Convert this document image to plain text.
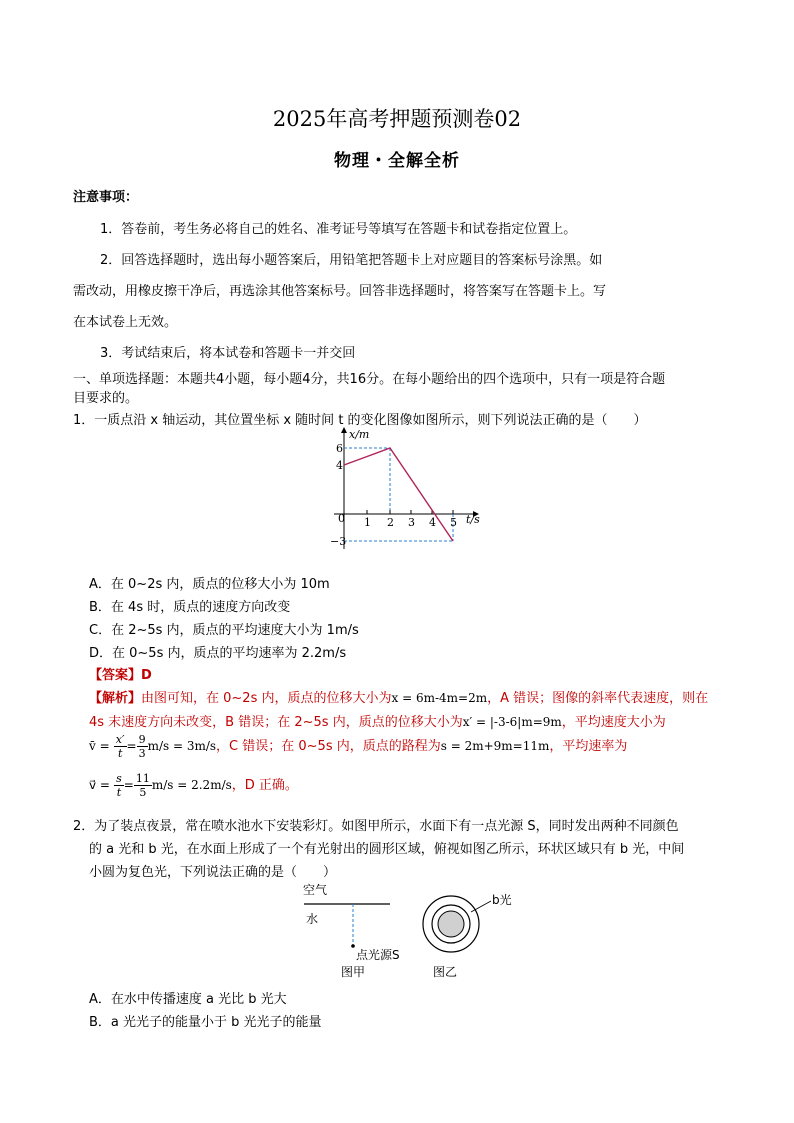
2025年高考押题预测卷02
物理・全解全析
注意事项：
1．答卷前，考生务必将自己的姓名、准考证号等填写在答题卡和试卷指定位置上。
2．回答选择题时，选出每小题答案后，用铅笔把答题卡上对应题目的答案标号涂黑。如
需改动，用橡皮擦干净后，再选涂其他答案标号。回答非选择题时，将答案写在答题卡上。写
在本试卷上无效。
3．考试结束后，将本试卷和答题卡一并交回
一、单项选择题：本题共4小题，每小题4分，共16分。在每小题给出的四个选项中，只有一项是符合题
目要求的。
1．一质点沿 x 轴运动，其位置坐标 x 随时间 t 的变化图像如图所示，则下列说法正确的是（　　）
x/m
t/s
0 1 2 3 4 5
6
4
−3
A．在 0~2s 内，质点的位移大小为 10m
B．在 4s 时，质点的速度方向改变
C．在 2~5s 内，质点的平均速度大小为 1m/s
D．在 0~5s 内，质点的平均速率为 2.2m/s
【答案】D
【解析】由图可知，在 0~2s 内，质点的位移大小为x = 6m-4m=2m，A 错误；图像的斜率代表速度，则在
4s 末速度方向未改变，B 错误；在 2~5s 内，质点的位移大小为x′ = |-3-6|m=9m，平均速度大小为
v̄ = $\frac{x'}{t} = \frac{9}{3} m/s = 3m/s$，C 错误；在 0~5s 内，质点的路程为s = 2m+9m=11m，平均速率为
v⃗ = $\frac{s}{t} = \frac{11}{5} m/s = 2.2m/s$，D 正确。
2．为了装点夜景，常在喷水池水下安装彩灯。如图甲所示，水面下有一点光源 S，同时发出两种不同颜色
的 a 光和 b 光，在水面上形成了一个有光射出的圆形区域，俯视如图乙所示，环状区域只有 b 光，中间
小圆为复色光，下列说法正确的是（　　）
空气
水
点光源S
图甲
b光
图乙
A．在水中传播速度 a 光比 b 光大
B．a 光光子的能量小于 b 光光子的能量
